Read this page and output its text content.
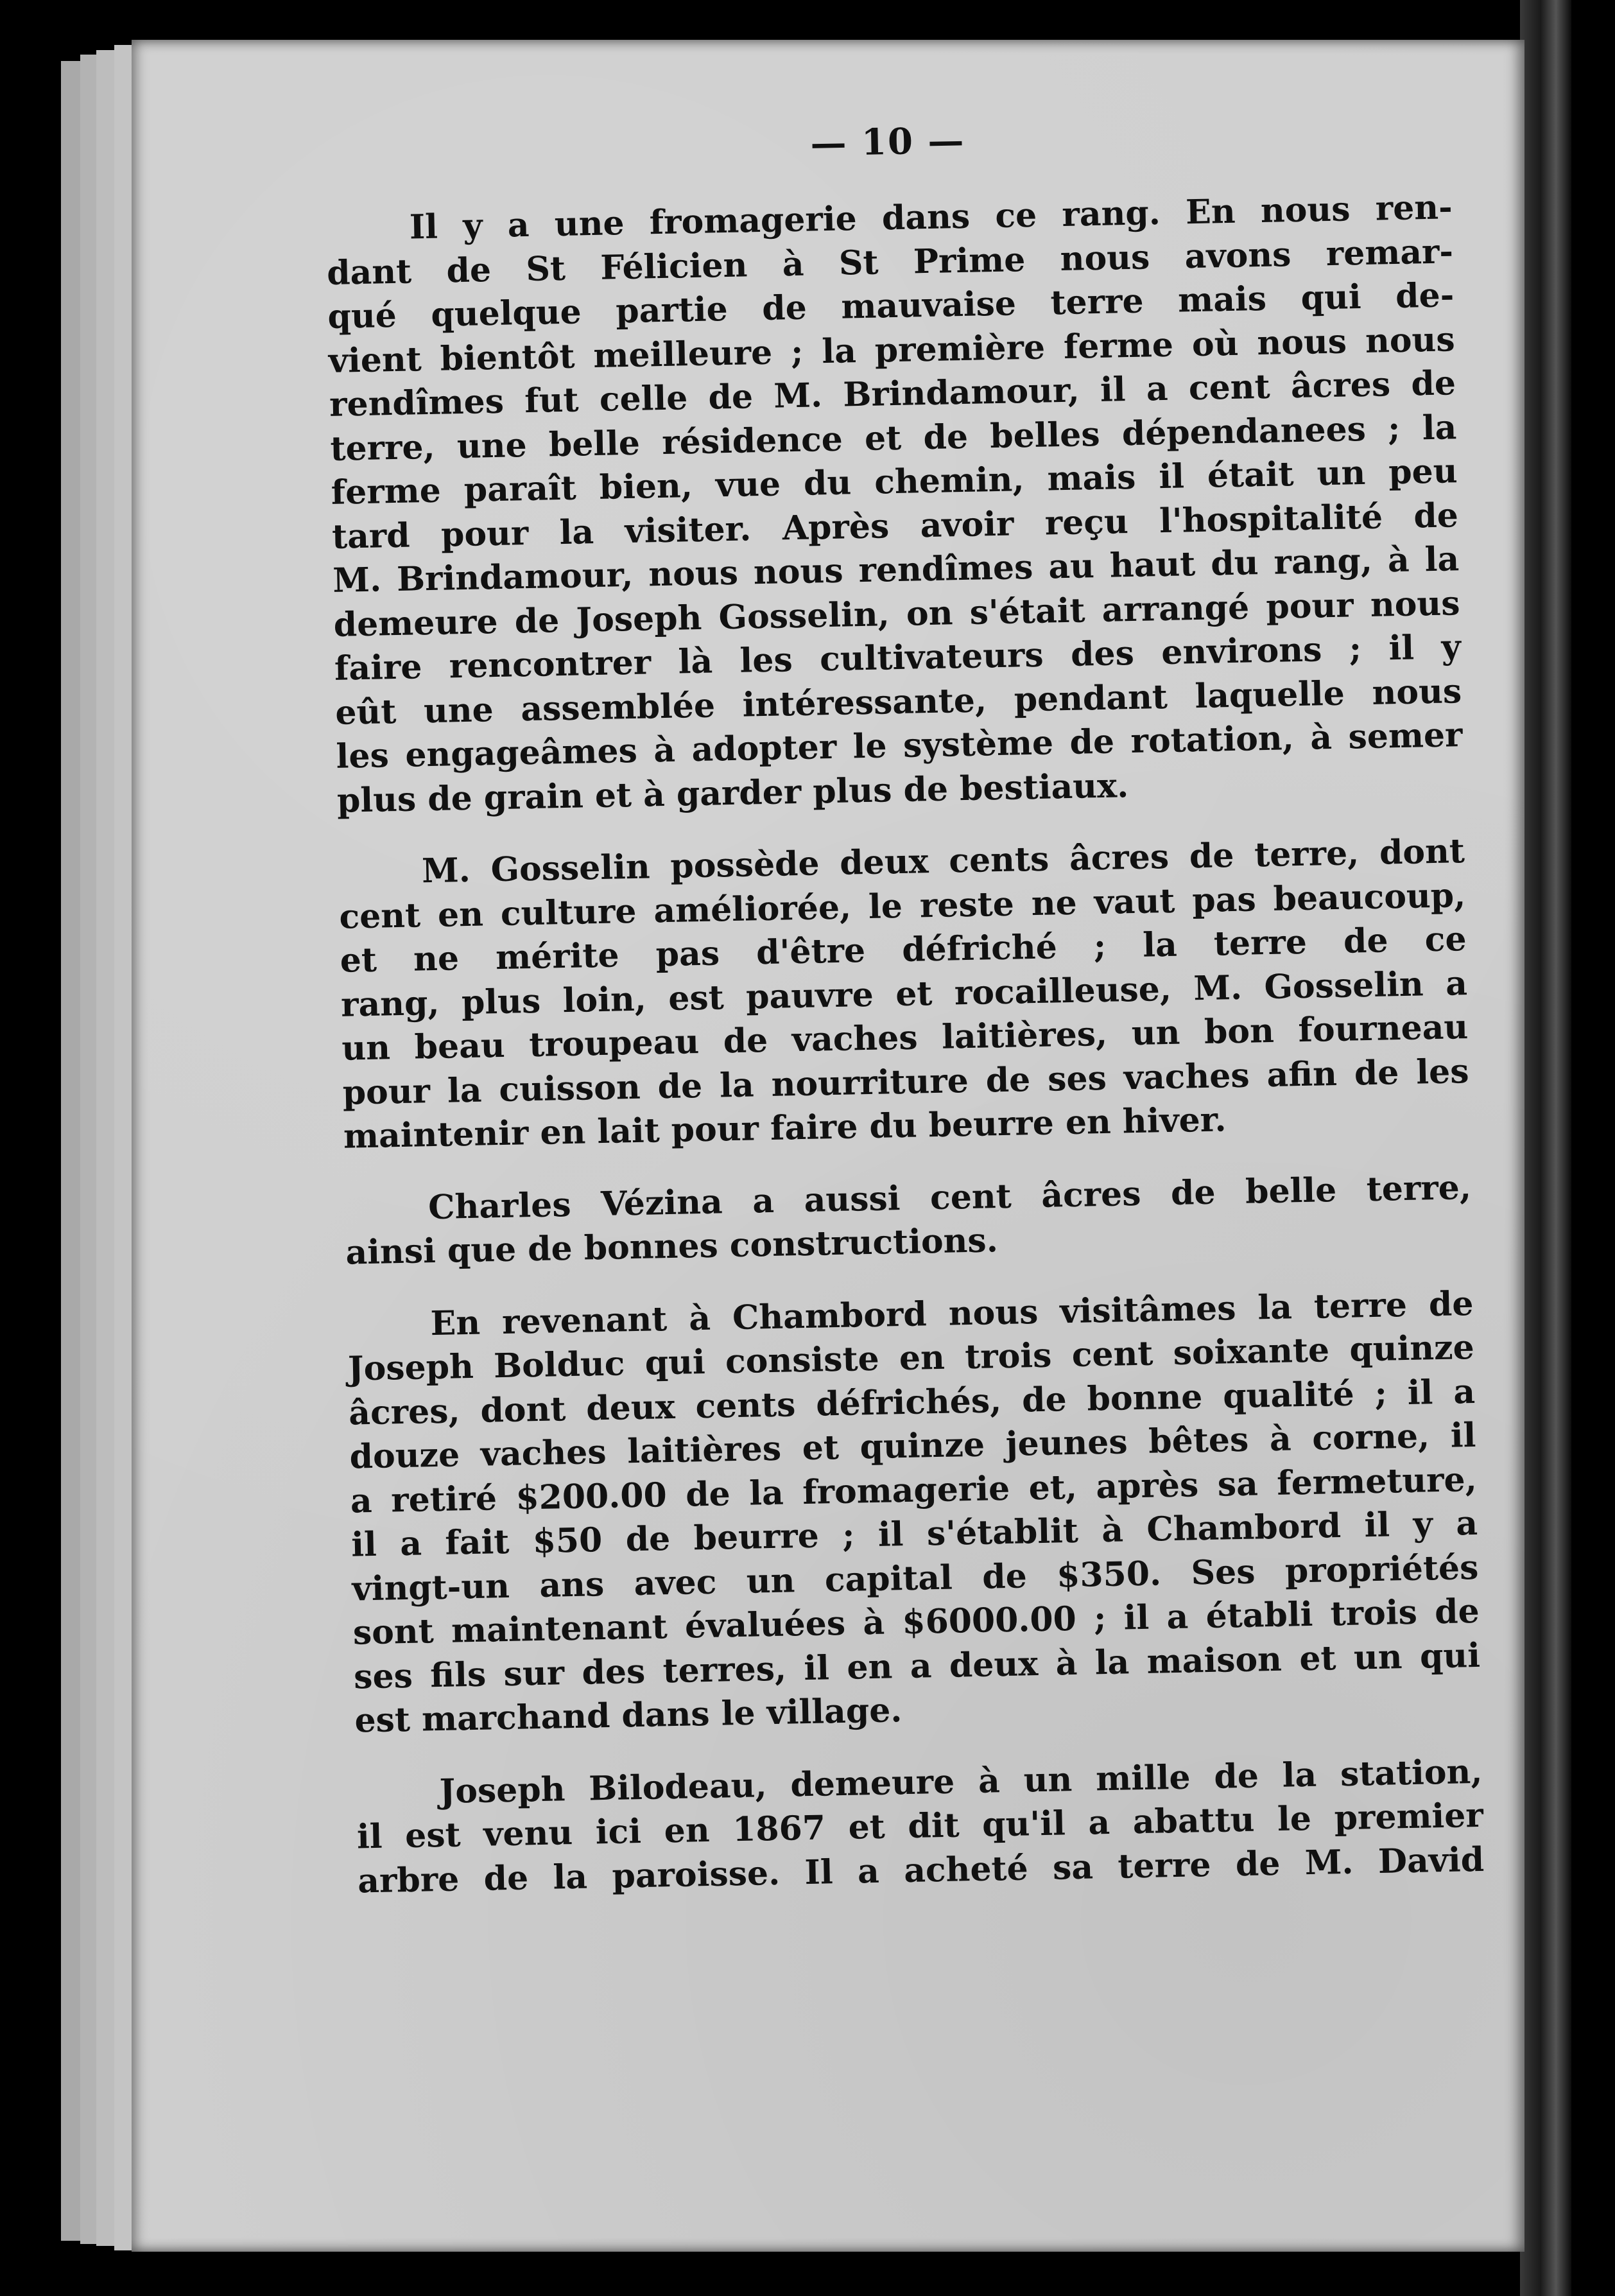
— 10 —
Il y a une fromagerie dans ce rang. En nous ren-
dant de St Félicien à St Prime nous avons remar-
qué quelque partie de mauvaise terre mais qui de-
vient bientôt meilleure ; la première ferme où nous nous
rendîmes fut celle de M. Brindamour, il a cent âcres de
terre, une belle résidence et de belles dépendanees ; la
ferme paraît bien, vue du chemin, mais il était un peu
tard pour la visiter. Après avoir reçu l'hospitalité de
M. Brindamour, nous nous rendîmes au haut du rang, à la
demeure de Joseph Gosselin, on s'était arrangé pour nous
faire rencontrer là les cultivateurs des environs ; il y
eût une assemblée intéressante, pendant laquelle nous
les engageâmes à adopter le système de rotation, à semer
plus de grain et à garder plus de bestiaux.
M. Gosselin possède deux cents âcres de terre, dont
cent en culture améliorée, le reste ne vaut pas beaucoup,
et ne mérite pas d'être défriché ; la terre de ce
rang, plus loin, est pauvre et rocailleuse, M. Gosselin a
un beau troupeau de vaches laitières, un bon fourneau
pour la cuisson de la nourriture de ses vaches afin de les
maintenir en lait pour faire du beurre en hiver.
Charles Vézina a aussi cent âcres de belle terre,
ainsi que de bonnes constructions.
En revenant à Chambord nous visitâmes la terre de
Joseph Bolduc qui consiste en trois cent soixante quinze
âcres, dont deux cents défrichés, de bonne qualité ; il a
douze vaches laitières et quinze jeunes bêtes à corne, il
a retiré $200.00 de la fromagerie et, après sa fermeture,
il a fait $50 de beurre ; il s'établit à Chambord il y a
vingt-un ans avec un capital de $350. Ses propriétés
sont maintenant évaluées à $6000.00 ; il a établi trois de
ses fils sur des terres, il en a deux à la maison et un qui
est marchand dans le village.
Joseph Bilodeau, demeure à un mille de la station,
il est venu ici en 1867 et dit qu'il a abattu le premier
arbre de la paroisse. Il a acheté sa terre de M. David
